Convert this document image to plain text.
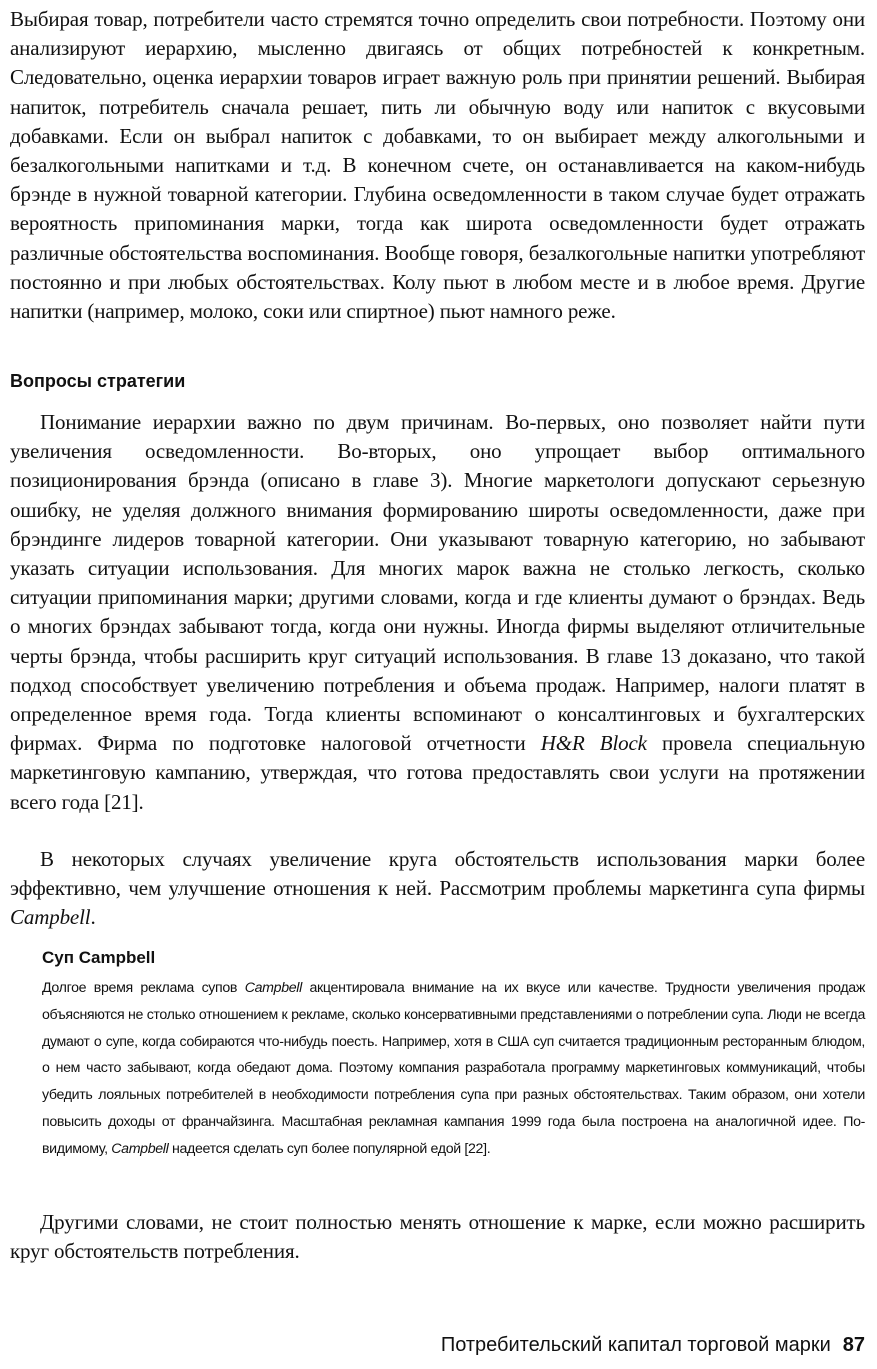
Выбирая товар, потребители часто стремятся точно определить свои потребности. Поэтому они анализируют иерархию, мысленно двигаясь от общих потребностей к конкретным. Следовательно, оценка иерархии товаров играет важную роль при принятии решений. Выбирая напиток, потребитель сначала решает, пить ли обычную воду или напиток с вкусовыми добавками. Если он выбрал напиток с добавками, то он выбирает между алкогольными и безалкогольными напитками и т.д. В конечном счете, он останавливается на каком-нибудь брэнде в нужной товарной категории. Глубина осведомленности в таком случае будет отражать вероятность припоминания марки, тогда как широта осведомленности будет отражать различные обстоятельства воспоминания. Вообще говоря, безалкогольные напитки употребляют постоянно и при любых обстоятельствах. Колу пьют в любом месте и в любое время. Другие напитки (например, молоко, соки или спиртное) пьют намного реже.

Вопросы стратегии

Понимание иерархии важно по двум причинам. Во-первых, оно позволяет найти пути увеличения осведомленности. Во-вторых, оно упрощает выбор оптимального позиционирования брэнда (описано в главе 3). Многие маркетологи допускают серьезную ошибку, не уделяя должного внимания формированию широты осведомленности, даже при брэндинге лидеров товарной категории. Они указывают товарную категорию, но забывают указать ситуации использования. Для многих марок важна не столько легкость, сколько ситуации припоминания марки; другими словами, когда и где клиенты думают о брэндах. Ведь о многих брэндах забывают тогда, когда они нужны. Иногда фирмы выделяют отличительные черты брэнда, чтобы расширить круг ситуаций использования. В главе 13 доказано, что такой подход способствует увеличению потребления и объема продаж. Например, налоги платят в определенное время года. Тогда клиенты вспоминают о консалтинговых и бухгалтерских фирмах. Фирма по подготовке налоговой отчетности H&R Block провела специальную маркетинговую кампанию, утверждая, что готова предоставлять свои услуги на протяжении всего года [21].

В некоторых случаях увеличение круга обстоятельств использования марки более эффективно, чем улучшение отношения к ней. Рассмотрим проблемы маркетинга супа фирмы Campbell.

Суп Campbell

Долгое время реклама супов Campbell акцентировала внимание на их вкусе или качестве. Трудности увеличения продаж объясняются не столько отношением к рекламе, сколько консервативными представлениями о потреблении супа. Люди не всегда думают о супе, когда собираются что-нибудь поесть. Например, хотя в США суп считается традиционным ресторанным блюдом, о нем часто забывают, когда обедают дома. Поэтому компания разработала программу маркетинговых коммуникаций, чтобы убедить лояльных потребителей в необходимости потребления супа при разных обстоятельствах. Таким образом, они хотели повысить доходы от франчайзинга. Масштабная рекламная кампания 1999 года была построена на аналогичной идее. По-видимому, Campbell надеется сделать суп более популярной едой [22].

Другими словами, не стоит полностью менять отношение к марке, если можно расширить круг обстоятельств потребления.

Потребительский капитал торговой марки 87
